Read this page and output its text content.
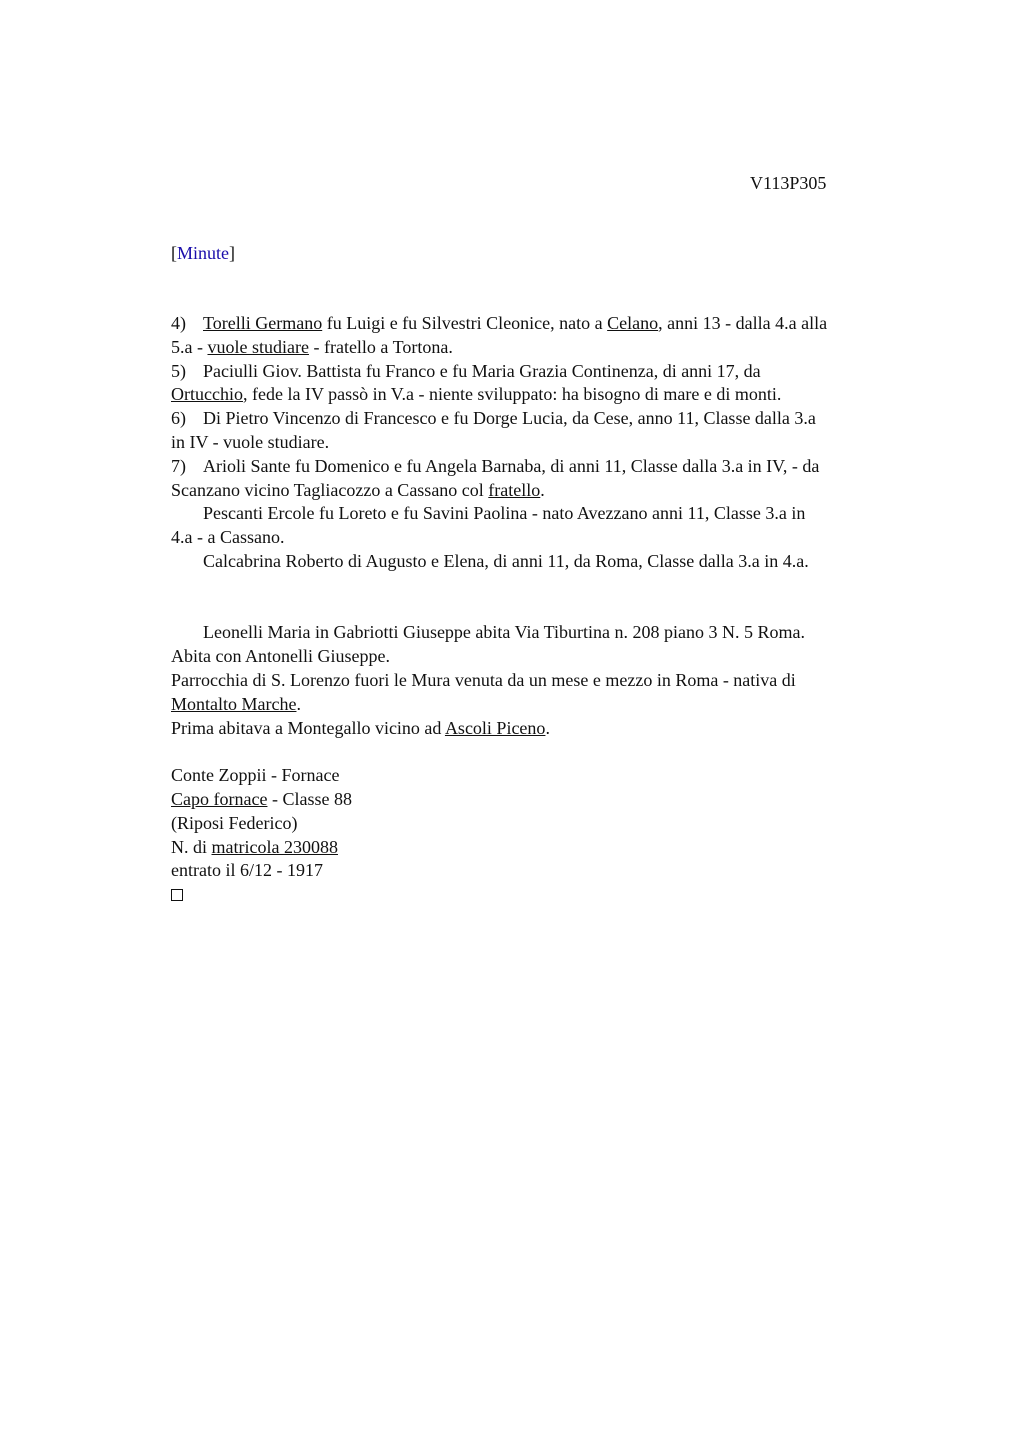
V113P305
[Minute]

4) Torelli Germano fu Luigi e fu Silvestri Cleonice, nato a Celano, anni 13 - dalla 4.a alla

5.a - vuole studiare - fratello a Tortona.

5) Paciulli Giov. Battista fu Franco e fu Maria Grazia Continenza, di anni 17, da

Ortucchio, fede la IV passò in V.a - niente sviluppato: ha bisogno di mare e di monti.

6) Di Pietro Vincenzo di Francesco e fu Dorge Lucia, da Cese, anno 11, Classe dalla 3.a

in IV - vuole studiare.

7) Arioli Sante fu Domenico e fu Angela Barnaba, di anni 11, Classe dalla 3.a in IV, - da

Scanzano vicino Tagliacozzo a Cassano col fratello.

Pescanti Ercole fu Loreto e fu Savini Paolina - nato Avezzano anni 11, Classe 3.a in

4.a - a Cassano.

Calcabrina Roberto di Augusto e Elena, di anni 11, da Roma, Classe dalla 3.a in 4.a.

Leonelli Maria in Gabriotti Giuseppe abita Via Tiburtina n. 208 piano 3 N. 5 Roma.

Abita con Antonelli Giuseppe.

Parrocchia di S. Lorenzo fuori le Mura venuta da un mese e mezzo in Roma - nativa di

Montalto Marche.

Prima abitava a Montegallo vicino ad Ascoli Piceno.

Conte Zoppii - Fornace

Capo fornace - Classe 88

(Riposi Federico)

N. di matricola 230088

entrato il 6/12 - 1917
